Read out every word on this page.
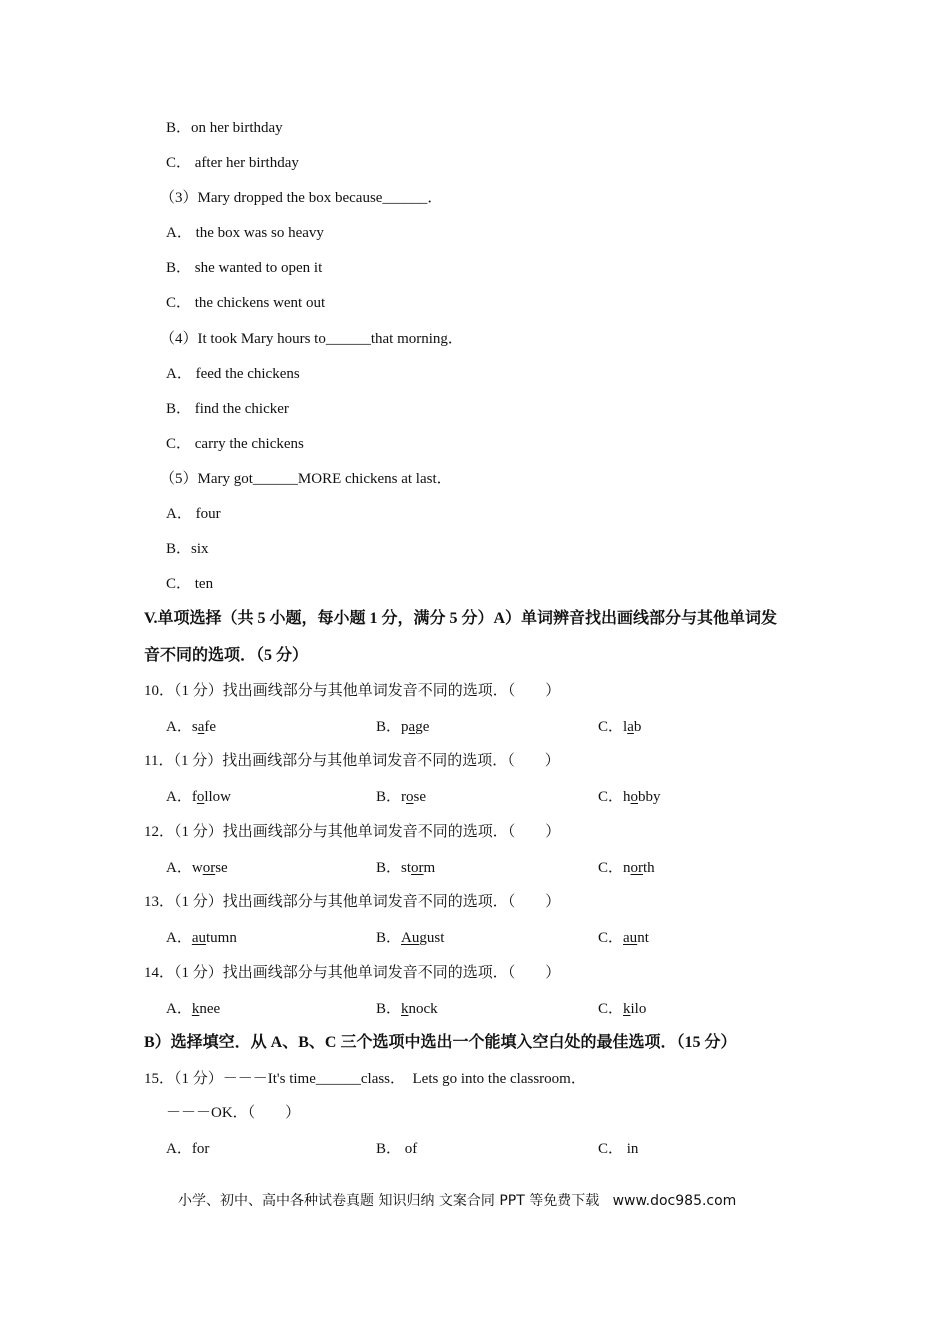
B．on her birthday
C． after her birthday
（3）Mary dropped the box because______．
A． the box was so heavy
B． she wanted to open it
C． the chickens went out
（4）It took Mary hours to______that morning．
A． feed the chickens
B． find the chicker
C． carry the chickens
（5）Mary got______MORE chickens at last．
A． four
B．six
C． ten
V.单项选择（共 5 小题，每小题 1 分，满分 5 分）A）单词辨音找出画线部分与其他单词发
音不同的选项．（5 分）
10．（1 分）找出画线部分与其他单词发音不同的选项．（　　）
A．safe	B．page	C．lab
11．（1 分）找出画线部分与其他单词发音不同的选项．（　　）
A．follow	B．rose	C．hobby
12．（1 分）找出画线部分与其他单词发音不同的选项．（　　）
A．worse	B．storm	C．north
13．（1 分）找出画线部分与其他单词发音不同的选项．（　　）
A．autumn	B．August	C．aunt
14．（1 分）找出画线部分与其他单词发音不同的选项．（　　）
A．knee	B．knock	C．kilo
B）选择填空．从 A、B、C 三个选项中选出一个能填入空白处的最佳选项．（15 分）
15．（1 分）－－－It's time______class．  Lets go into the classroom．
－－－OK．（　　）
A．for	B． of	C． in
小学、初中、高中各种试卷真题 知识归纳 文案合同 PPT 等免费下载   www.doc985.com
